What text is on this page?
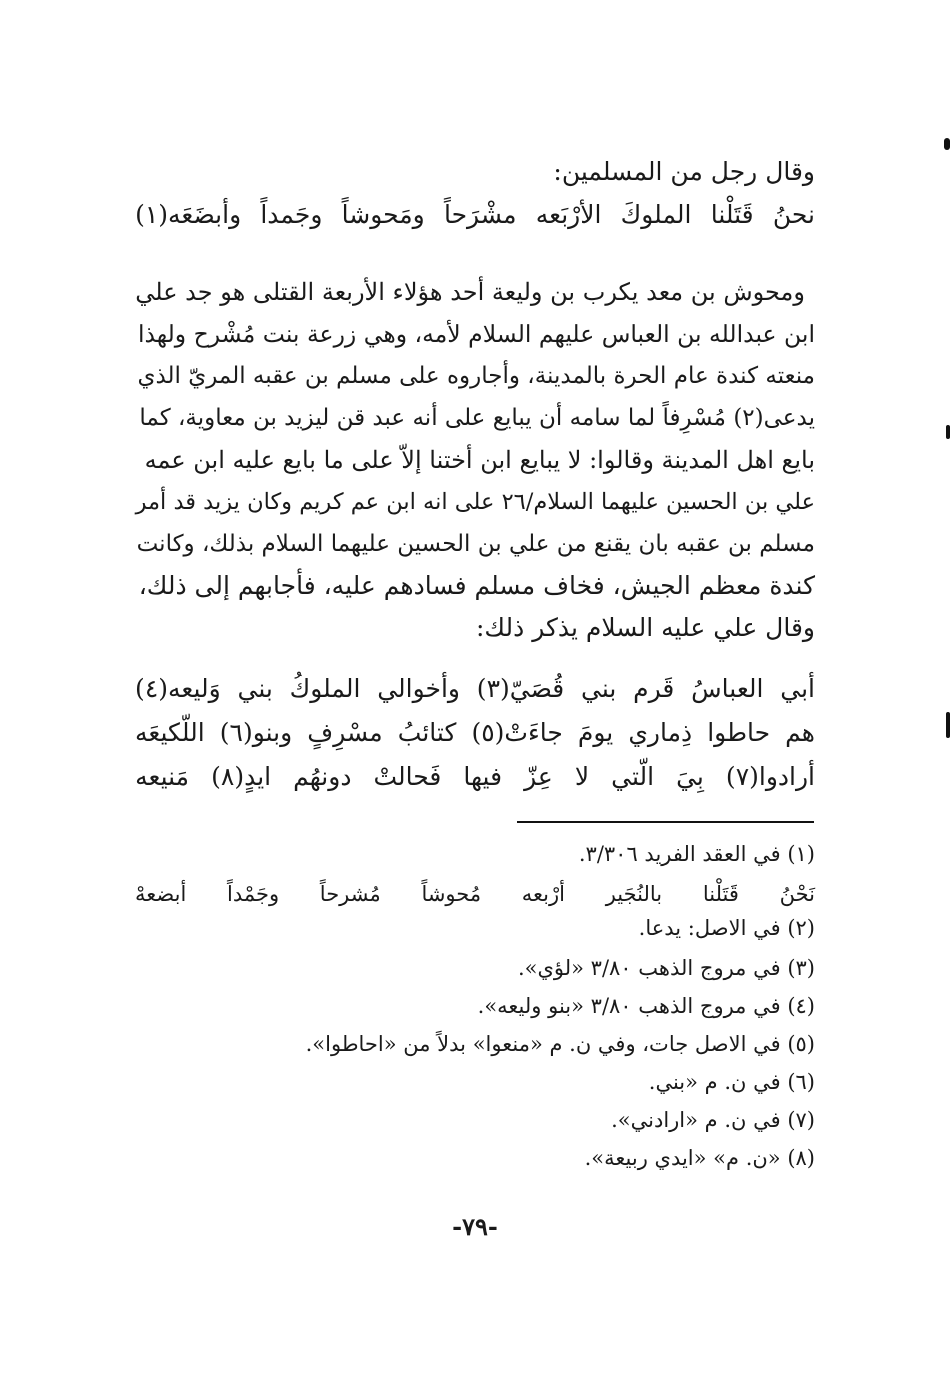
وقال رجل من المسلمين:
نحنُ
قَتَلْنا
الملوكَ
الأرْبَعه
مشْرَحاً
ومَحوشاً
وجَمداً
وأبضَعَه(١)
ومحوش بن معد يكرب بن وليعة أحد هؤلاء الأربعة القتلى هو جد علي
ابن عبدالله بن العباس عليهم السلام لأمه، وهي زرعة بنت مُشْرح ولهذا
منعته كندة عام الحرة بالمدينة، وأجاروه على مسلم بن عقبه المريّ الذي
يدعى(٢) مُسْرِفاً لما سامه أن يبايع على أنه عبد قن ليزيد بن معاوية، كما
بايع اهل المدينة وقالوا: لا يبايع ابن أختنا إلاّ على ما بايع عليه ابن عمه
علي بن الحسين عليهما السلام/٢٦ على انه ابن عم كريم وكان يزيد قد أمر
مسلم بن عقبه بان يقنع من علي بن الحسين عليهما السلام بذلك، وكانت
كندة معظم الجيش، فخاف مسلم فسادهم عليه، فأجابهم إلى ذلك،
وقال علي عليه السلام يذكر ذلك:
أبي
العباسُ
قَرم
بني
قُصَيّ(٣)
وأخوالي
الملوكُ
بني
وَليعه(٤)
هم
حاطوا
ذِماري
يومَ
جاءَتْ(٥)
كتائبُ
مسْرِفٍ
وبنو(٦)
اللّكيعَه
أرادوا(٧)
بِيَ
الّتي
لا
عِزّ
فيها
فَحالتْ
دونهُم
ايدٍ(٨)
مَنيعه
(١) في العقد الفريد ٣/٣٠٦.
نَحْنُ
قَتَلْنا
بالنُجَير
أرْبعه
مُحوشاً
مُشرحاً
وجَمْداً
أبضعهْ
(٢) في الاصل: يدعا.
(٣) في مروج الذهب ٣/٨٠ «لؤي».
(٤) في مروج الذهب ٣/٨٠ «بنو وليعه».
(٥) في الاصل جات، وفي ن. م «منعوا» بدلاً من «احاطوا».
(٦) في ن. م «بني.
(٧) في ن. م «ارادني».
(٨) «ن. م» «ايدي ربيعة».
-٧٩-
